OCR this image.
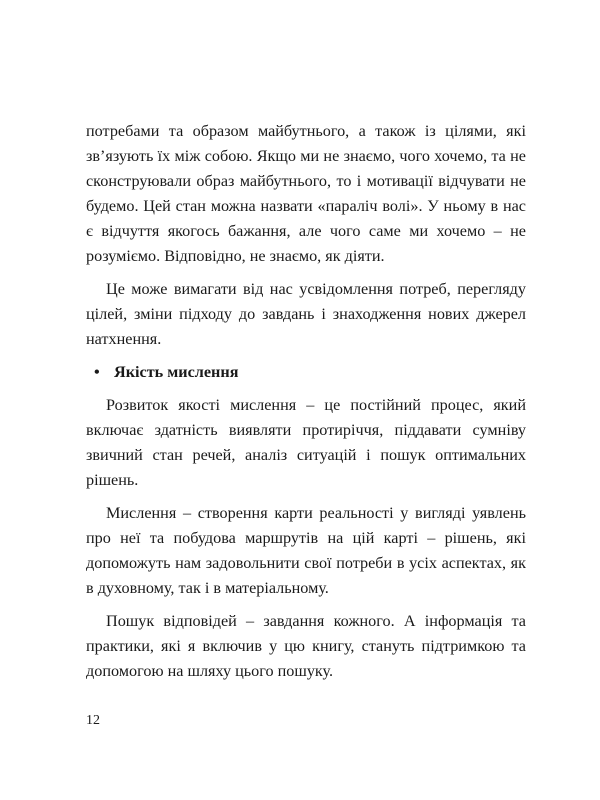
потребами та образом майбутнього, а також із цілями, які зв’язують їх між собою. Якщо ми не знаємо, чого хочемо, та не сконструювали образ майбутнього, то і мотивації відчувати не будемо. Цей стан можна назвати «параліч волі». У ньому в нас є відчуття якогось бажання, але чого саме ми хочемо – не розуміємо. Відповідно, не знаємо, як діяти.

Це може вимагати від нас усвідомлення потреб, перегляду цілей, зміни підходу до завдань і знаходження нових джерел натхнення.

• Якість мислення

Розвиток якості мислення – це постійний процес, який включає здатність виявляти протиріччя, піддавати сумніву звичний стан речей, аналіз ситуацій і пошук оптимальних рішень.

Мислення – створення карти реальності у вигляді уявлень про неї та побудова маршрутів на цій карті – рішень, які допоможуть нам задовольнити свої потреби в усіх аспектах, як в духовному, так і в матеріальному.

Пошук відповідей – завдання кожного. А інформація та практики, які я включив у цю книгу, стануть підтримкою та допомогою на шляху цього пошуку.

12
